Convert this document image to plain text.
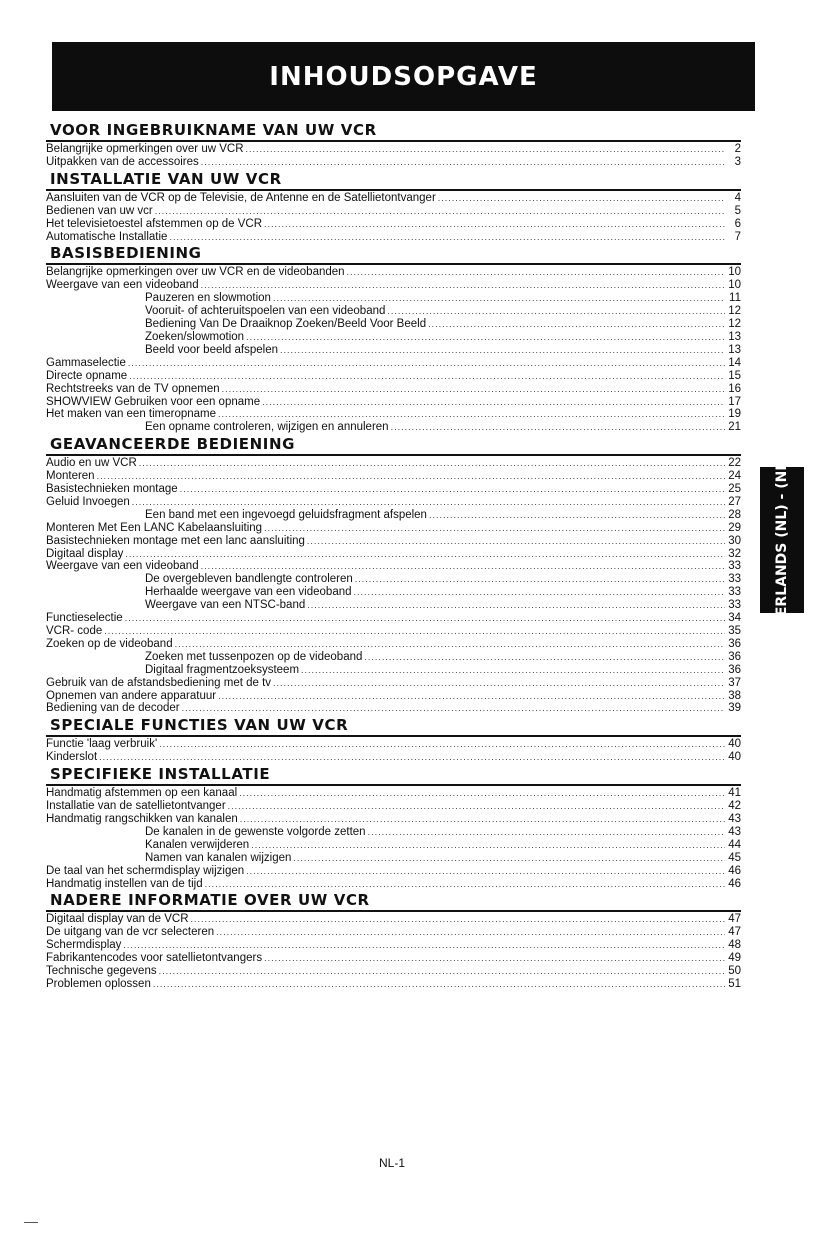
INHOUDSOPGAVE
VOOR INGEBRUIKNAME VAN UW VCR
Belangrijke opmerkingen over uw VCR .....	2
Uitpakken van de accessoires .....	3
INSTALLATIE VAN UW VCR
Aansluiten van de VCR op de Televisie, de Antenne en de Satellietontvanger .....	4
Bedienen van uw vcr .....	5
Het televisietoestel afstemmen op de VCR .....	6
Automatische Installatie .....	7
BASISBEDIENING
Belangrijke opmerkingen over uw VCR en de videobanden .....	10
Weergave van een videoband .....	10
Pauzeren en slowmotion .....	11
Vooruit- of achteruitspoelen van een videoband .....	12
Bediening Van De Draaiknop Zoeken/Beeld Voor Beeld .....	12
Zoeken/slowmotion .....	13
Beeld voor beeld afspelen .....	13
Gammaselectie .....	14
Directe opname .....	15
Rechtstreeks van de TV opnemen .....	16
SHOWVIEW Gebruiken voor een opname .....	17
Het maken van een timeropname .....	19
Een opname controleren, wijzigen en annuleren .....	21
GEAVANCEERDE BEDIENING
Audio en uw VCR .....	22
Monteren .....	24
Basistechnieken montage .....	25
Geluid Invoegen .....	27
Een band met een ingevoegd geluidsfragment afspelen .....	28
Monteren Met Een LANC Kabelaansluiting .....	29
Basistechnieken montage met een lanc aansluiting .....	30
Digitaal display .....	32
Weergave van een videoband .....	33
De overgebleven bandlengte controleren .....	33
Herhaalde weergave van een videoband .....	33
Weergave van een NTSC-band .....	33
Functieselectie .....	34
VCR- code .....	35
Zoeken op de videoband .....	36
Zoeken met tussenpozen op de videoband .....	36
Digitaal fragmentzoeksysteem .....	36
Gebruik van de afstandsbediening met de tv .....	37
Opnemen van andere apparatuur .....	38
Bediening van de decoder .....	39
SPECIALE FUNCTIES VAN UW VCR
Functie 'laag verbruik' .....	40
Kinderslot .....	40
SPECIFIEKE INSTALLATIE
Handmatig afstemmen op een kanaal .....	41
Installatie van de satellietontvanger .....	42
Handmatig rangschikken van kanalen .....	43
De kanalen in de gewenste volgorde zetten .....	43
Kanalen verwijderen .....	44
Namen van kanalen wijzigen .....	45
De taal van het schermdisplay wijzigen .....	46
Handmatig instellen van de tijd .....	46
NADERE INFORMATIE OVER UW VCR
Digitaal display van de VCR .....	47
De uitgang van de vcr selecteren .....	47
Schermdisplay .....	48
Fabrikantencodes voor satellietontvangers .....	49
Technische gegevens .....	50
Problemen oplossen .....	51
NEDERLANDS (NL) - (NL) 51
NL-1
